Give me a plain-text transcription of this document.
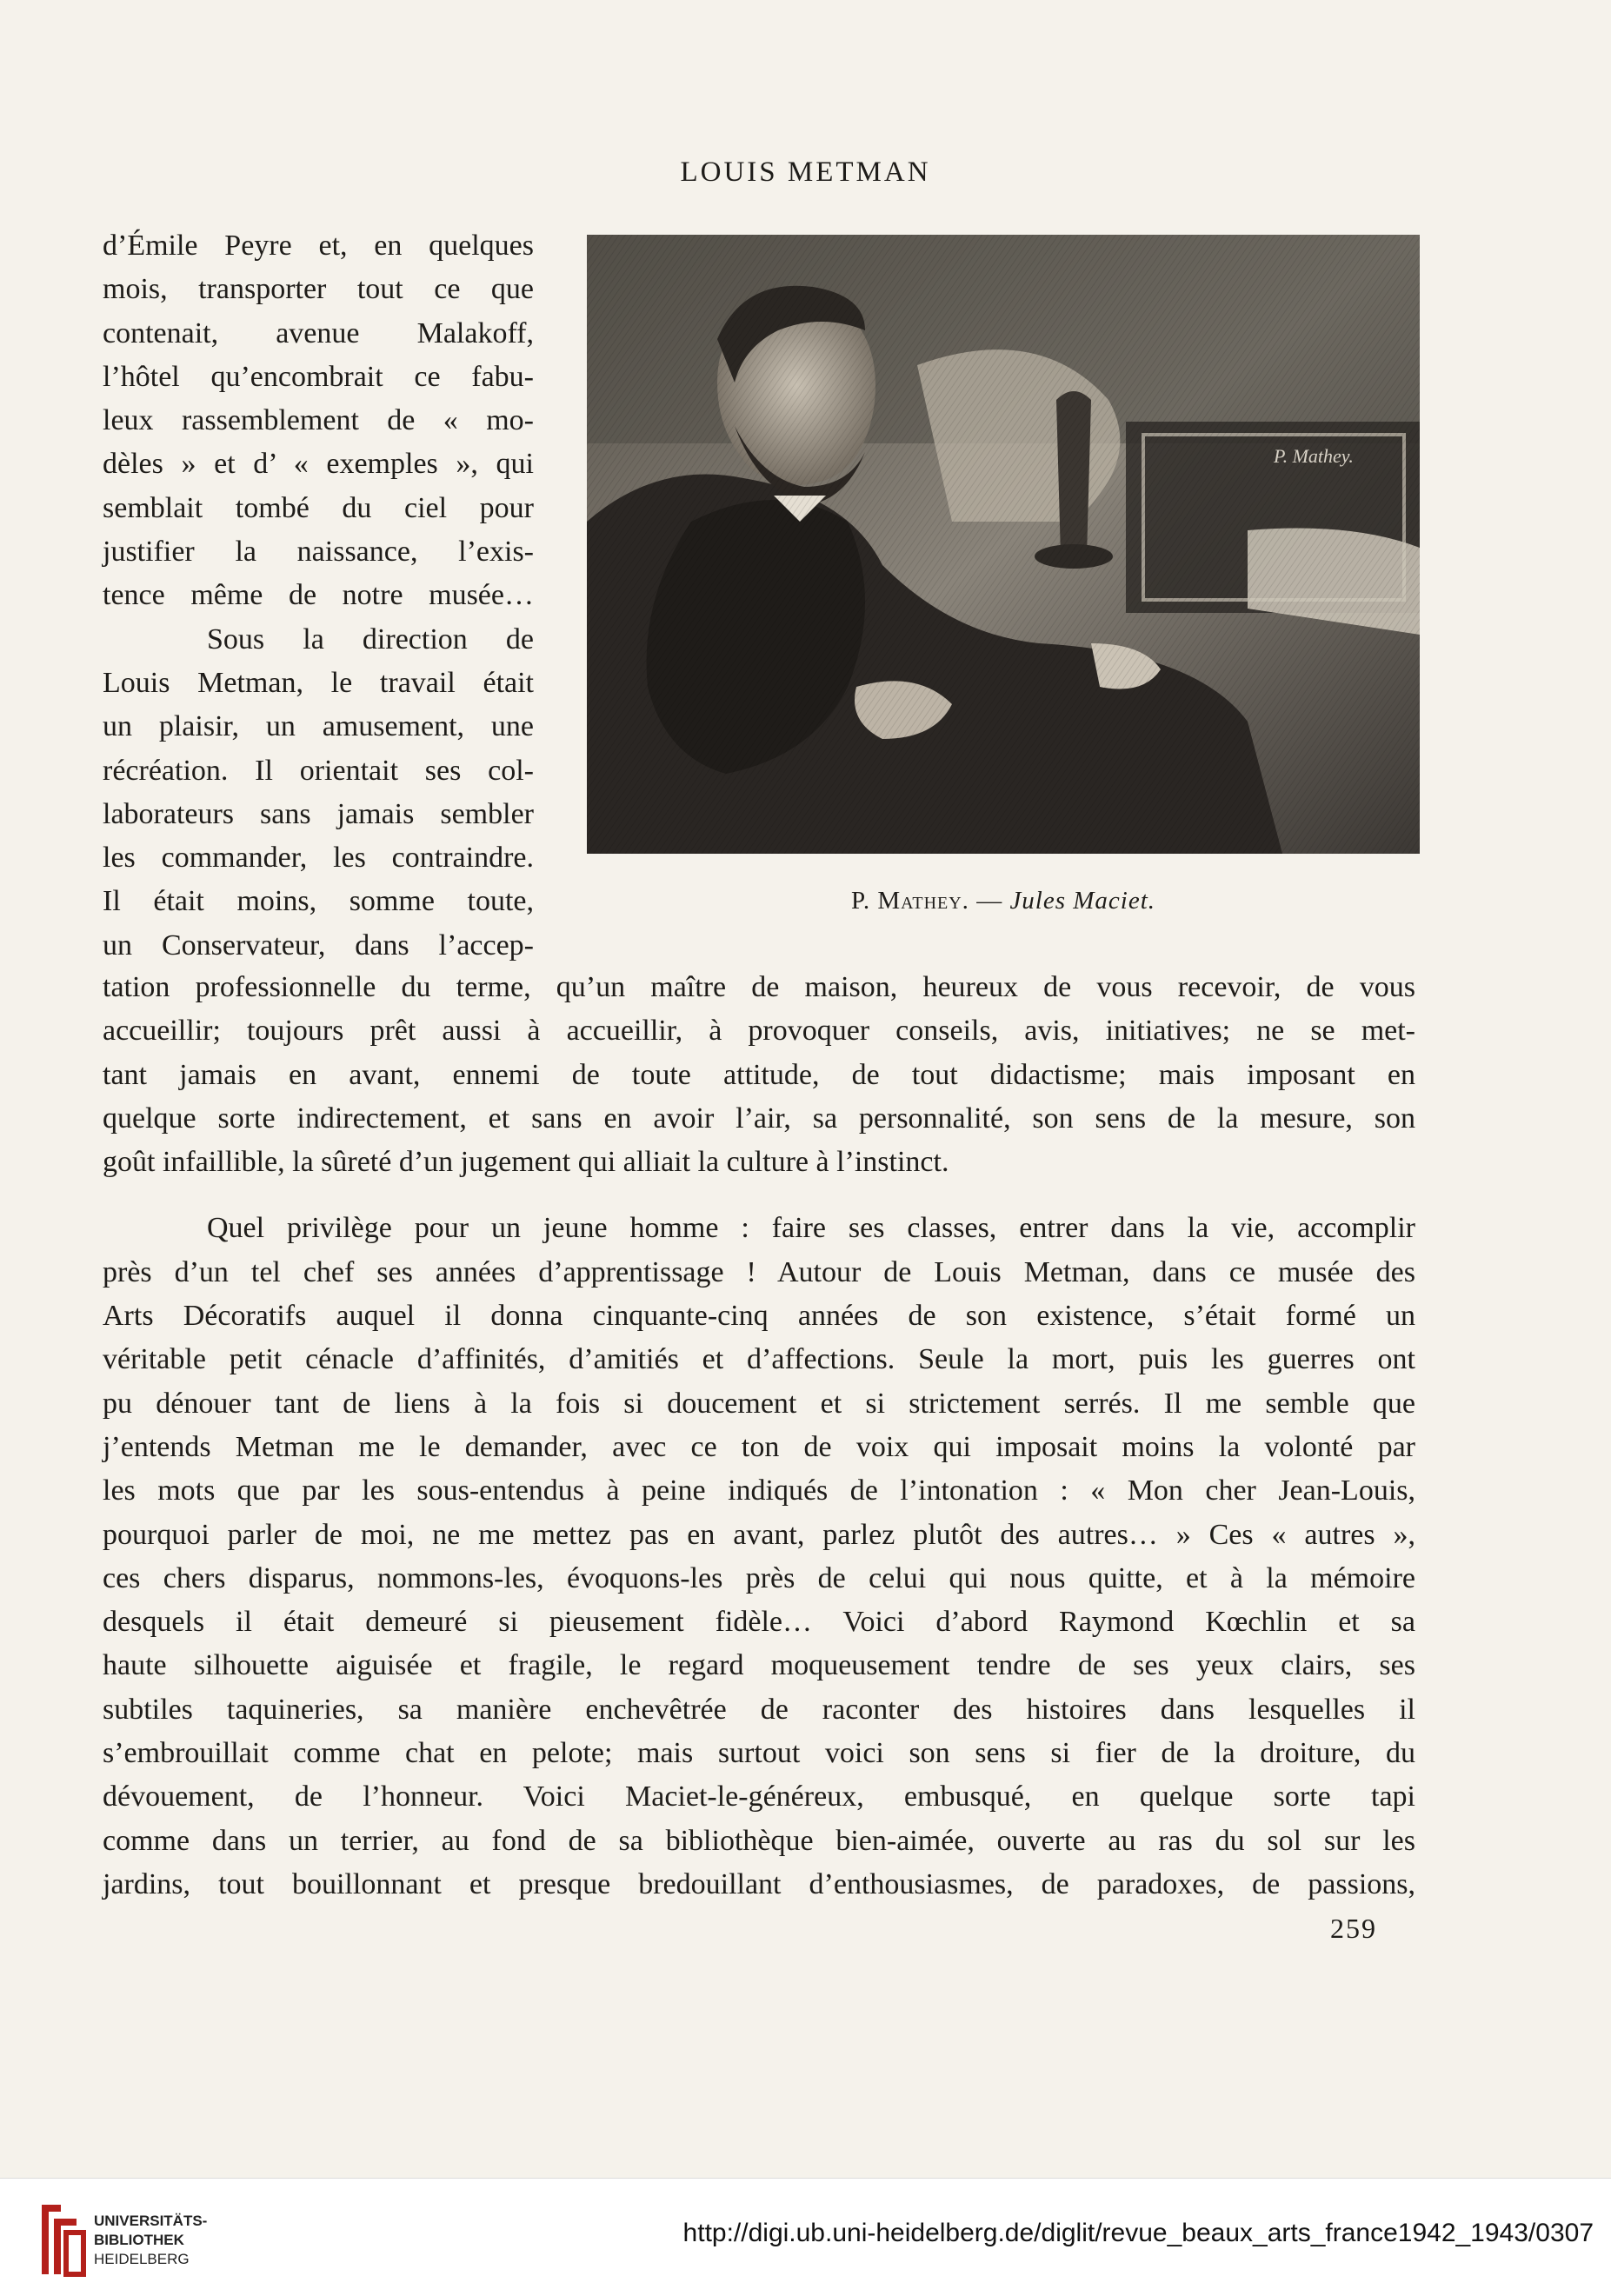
LOUIS METMAN
d’Émile Peyre et, en quelques
mois, transporter tout ce que
contenait, avenue Malakoff,
l’hôtel qu’encombrait ce fabu-
leux rassemblement de « mo-
dèles » et d’ « exemples », qui
semblait tombé du ciel pour
justifier la naissance, l’exis-
tence même de notre musée…
Sous la direction de
Louis Metman, le travail était
un plaisir, un amusement, une
récréation. Il orientait ses col-
laborateurs sans jamais sembler
les commander, les contraindre.
Il était moins, somme toute,
un Conservateur, dans l’accep-
P. Mathey.
P. Mathey. — Jules Maciet.
tation professionnelle du terme, qu’un maître de maison, heureux de vous recevoir, de vous
accueillir; toujours prêt aussi à accueillir, à provoquer conseils, avis, initiatives; ne se met-
tant jamais en avant, ennemi de toute attitude, de tout didactisme; mais imposant en
quelque sorte indirectement, et sans en avoir l’air, sa personnalité, son sens de la mesure, son
goût infaillible, la sûreté d’un jugement qui alliait la culture à l’instinct.
Quel privilège pour un jeune homme : faire ses classes, entrer dans la vie, accomplir
près d’un tel chef ses années d’apprentissage ! Autour de Louis Metman, dans ce musée des
Arts Décoratifs auquel il donna cinquante-cinq années de son existence, s’était formé un
véritable petit cénacle d’affinités, d’amitiés et d’affections. Seule la mort, puis les guerres ont
pu dénouer tant de liens à la fois si doucement et si strictement serrés. Il me semble que
j’entends Metman me le demander, avec ce ton de voix qui imposait moins la volonté par
les mots que par les sous-entendus à peine indiqués de l’intonation : « Mon cher Jean-Louis,
pourquoi parler de moi, ne me mettez pas en avant, parlez plutôt des autres… » Ces « autres »,
ces chers disparus, nommons-les, évoquons-les près de celui qui nous quitte, et à la mémoire
desquels il était demeuré si pieusement fidèle… Voici d’abord Raymond Kœchlin et sa
haute silhouette aiguisée et fragile, le regard moqueusement tendre de ses yeux clairs, ses
subtiles taquineries, sa manière enchevêtrée de raconter des histoires dans lesquelles il
s’embrouillait comme chat en pelote; mais surtout voici son sens si fier de la droiture, du
dévouement, de l’honneur. Voici Maciet-le-généreux, embusqué, en quelque sorte tapi
comme dans un terrier, au fond de sa bibliothèque bien-aimée, ouverte au ras du sol sur les
jardins, tout bouillonnant et presque bredouillant d’enthousiasmes, de paradoxes, de passions,
259
UNIVERSITÄTS-
BIBLIOTHEK
HEIDELBERG
http://digi.ub.uni-heidelberg.de/diglit/revue_beaux_arts_france1942_1943/0307
